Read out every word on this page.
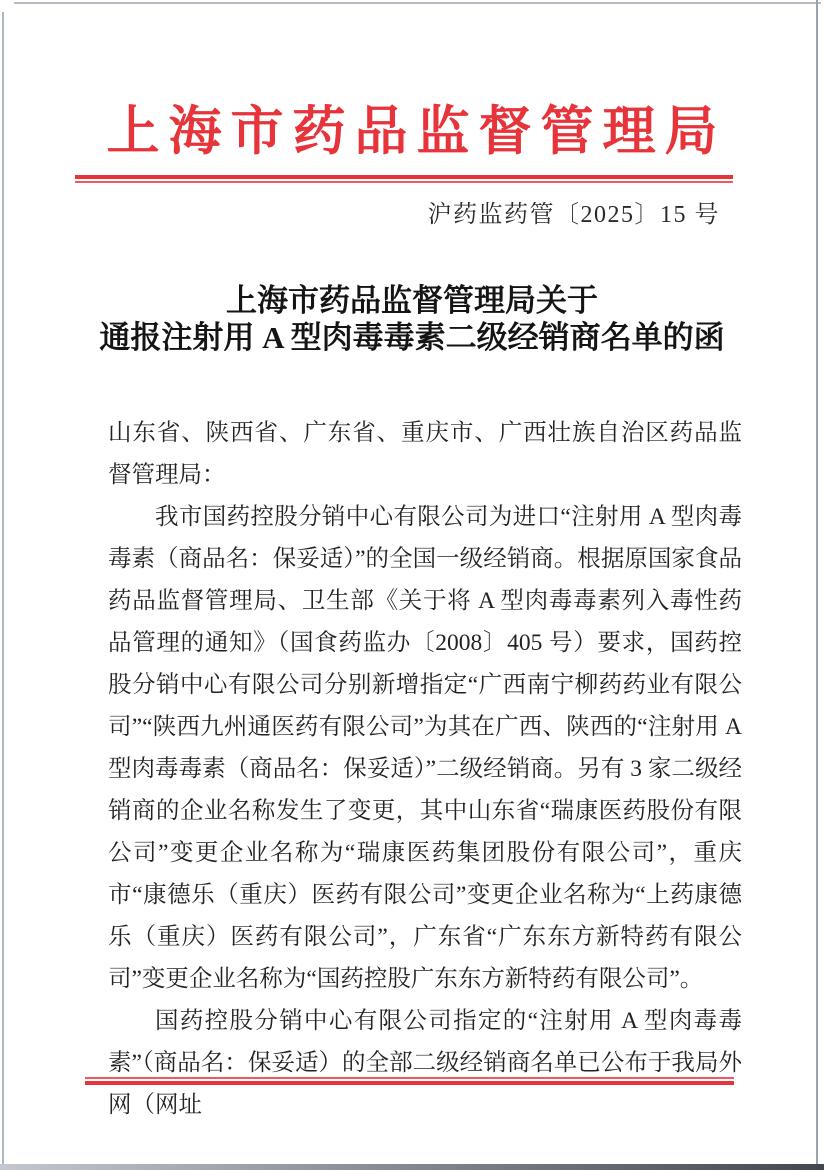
上海市药品监督管理局
沪药监药管〔2025〕15 号
上海市药品监督管理局关于
通报注射用 A 型肉毒毒素二级经销商名单的函

山东省、陕西省、广东省、重庆市、广西壮族自治区药品监督管理局：

我市国药控股分销中心有限公司为进口“注射用 A 型肉毒毒素（商品名：保妥适）”的全国一级经销商。根据原国家食品药品监督管理局、卫生部《关于将 A 型肉毒毒素列入毒性药品管理的通知》（国食药监办〔2008〕405 号）要求，国药控股分销中心有限公司分别新增指定“广西南宁柳药药业有限公司”“陕西九州通医药有限公司”为其在广西、陕西的“注射用 A 型肉毒毒素（商品名：保妥适）”二级经销商。另有 3 家二级经销商的企业名称发生了变更，其中山东省“瑞康医药股份有限公司”变更企业名称为“瑞康医药集团股份有限公司”，重庆市“康德乐（重庆）医药有限公司”变更企业名称为“上药康德乐（重庆）医药有限公司”，广东省“广东东方新特药有限公司”变更企业名称为“国药控股广东东方新特药有限公司”。

国药控股分销中心有限公司指定的“注射用 A 型肉毒毒素”（商品名：保妥适）的全部二级经销商名单已公布于我局外网（网址
